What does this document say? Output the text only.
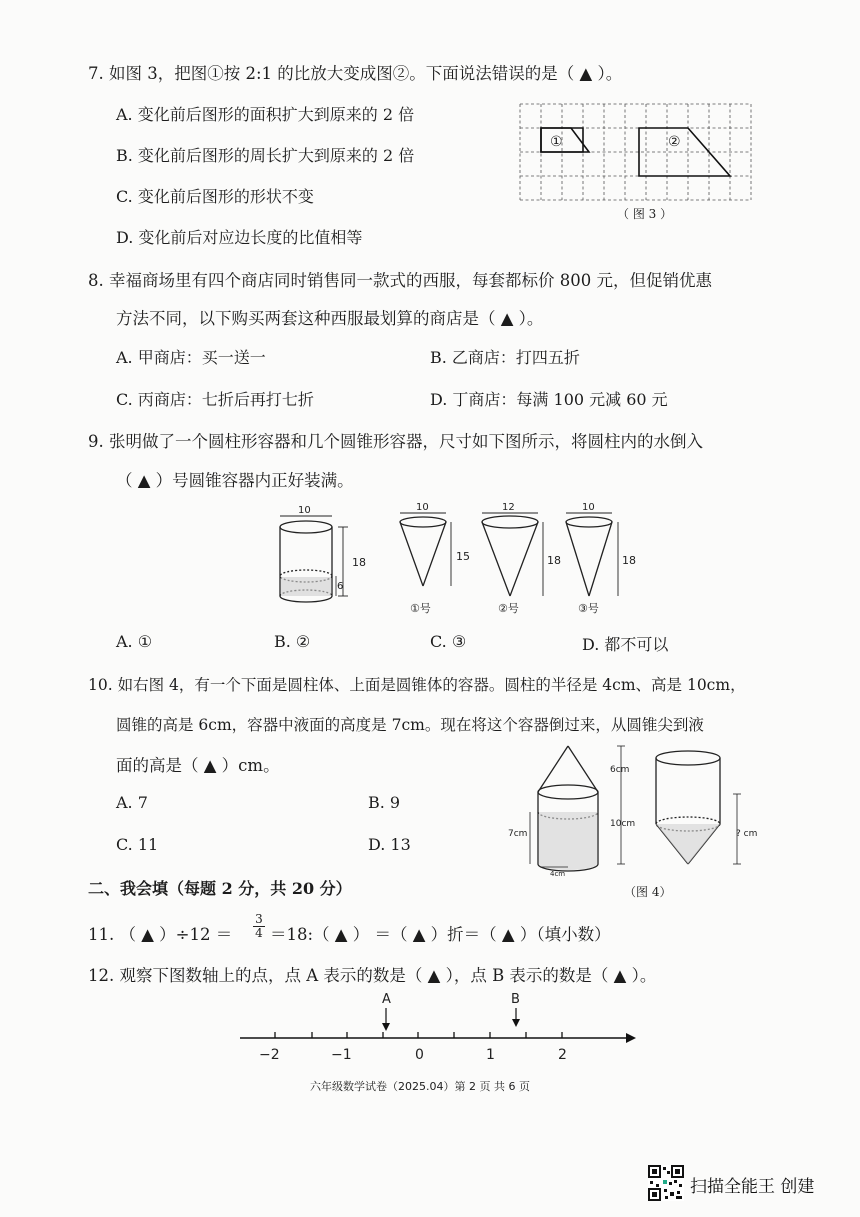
7. 如图 3，把图①按 2:1 的比放大变成图②。下面说法错误的是（ ▲ ）。
A. 变化前后图形的面积扩大到原来的 2 倍
B. 变化前后图形的周长扩大到原来的 2 倍
C. 变化前后图形的形状不变
D. 变化前后对应边长度的比值相等
①	②
（ 图 3 ）
8. 幸福商场里有四个商店同时销售同一款式的西服，每套都标价 800 元，但促销优惠
方法不同，以下购买两套这种西服最划算的商店是（ ▲ ）。
A. 甲商店：买一送一	B. 乙商店：打四五折
C. 丙商店：七折后再打七折	D. 丁商店：每满 100 元减 60 元
9. 张明做了一个圆柱形容器和几个圆锥形容器，尺寸如下图所示，将圆柱内的水倒入
（ ▲ ）号圆锥容器内正好装满。
10
18
6
10
15
①号
12
18
②号
10
18
③号
A. ①	B. ②	C. ③	D. 都不可以
10. 如右图 4，有一个下面是圆柱体、上面是圆锥体的容器。圆柱的半径是 4cm、高是 10cm，
圆锥的高是 6cm，容器中液面的高度是 7cm。现在将这个容器倒过来，从圆锥尖到液
面的高是（ ▲ ）cm。
A. 7	B. 9
C. 11	D. 13
6cm
10cm
7cm
4cm
? cm
（图 4）
二、我会填（每题 2 分，共 20 分）
11. （ ▲ ）$\div 12 = \frac{3}{4}$ ＝18:（ ▲ ） ＝（ ▲ ）折＝（ ▲ ）（填小数）
12. 观察下图数轴上的点，点 A 表示的数是（ ▲ ），点 B 表示的数是（ ▲ ）。
A	B
−2	−1	0	1	2
六年级数学试卷（2025.04）第 2 页 共 6 页
扫描全能王 创建
